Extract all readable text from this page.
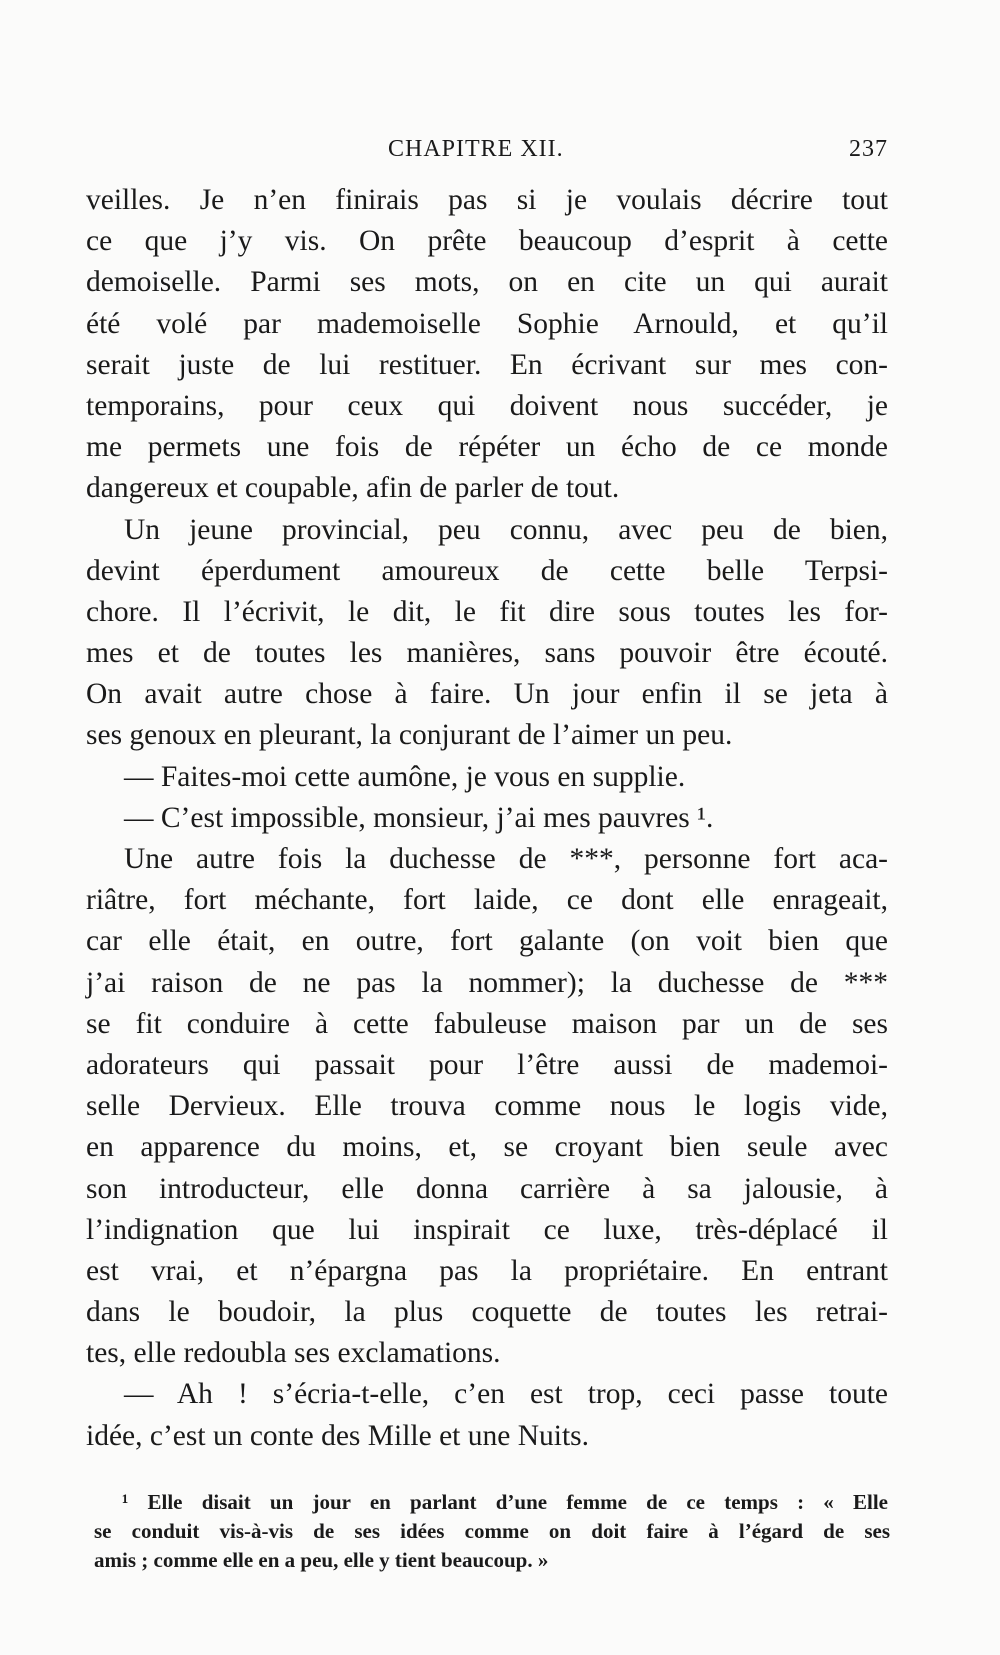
CHAPITRE XII.	237
veilles. Je n’en finirais pas si je voulais décrire tout
ce que j’y vis. On prête beaucoup d’esprit à cette
demoiselle. Parmi ses mots, on en cite un qui aurait
été volé par mademoiselle Sophie Arnould, et qu’il
serait juste de lui restituer. En écrivant sur mes con-
temporains, pour ceux qui doivent nous succéder, je
me permets une fois de répéter un écho de ce monde
dangereux et coupable, afin de parler de tout.
Un jeune provincial, peu connu, avec peu de bien,
devint éperdument amoureux de cette belle Terpsi-
chore. Il l’écrivit, le dit, le fit dire sous toutes les for-
mes et de toutes les manières, sans pouvoir être écouté.
On avait autre chose à faire. Un jour enfin il se jeta à
ses genoux en pleurant, la conjurant de l’aimer un peu.
— Faites-moi cette aumône, je vous en supplie.
— C’est impossible, monsieur, j’ai mes pauvres ¹.
Une autre fois la duchesse de ***, personne fort aca-
riâtre, fort méchante, fort laide, ce dont elle enrageait,
car elle était, en outre, fort galante (on voit bien que
j’ai raison de ne pas la nommer); la duchesse de ***
se fit conduire à cette fabuleuse maison par un de ses
adorateurs qui passait pour l’être aussi de mademoi-
selle Dervieux. Elle trouva comme nous le logis vide,
en apparence du moins, et, se croyant bien seule avec
son introducteur, elle donna carrière à sa jalousie, à
l’indignation que lui inspirait ce luxe, très-déplacé il
est vrai, et n’épargna pas la propriétaire. En entrant
dans le boudoir, la plus coquette de toutes les retrai-
tes, elle redoubla ses exclamations.
— Ah ! s’écria-t-elle, c’en est trop, ceci passe toute
idée, c’est un conte des Mille et une Nuits.
¹ Elle disait un jour en parlant d’une femme de ce temps : « Elle
se conduit vis-à-vis de ses idées comme on doit faire à l’égard de ses
amis ; comme elle en a peu, elle y tient beaucoup. »
